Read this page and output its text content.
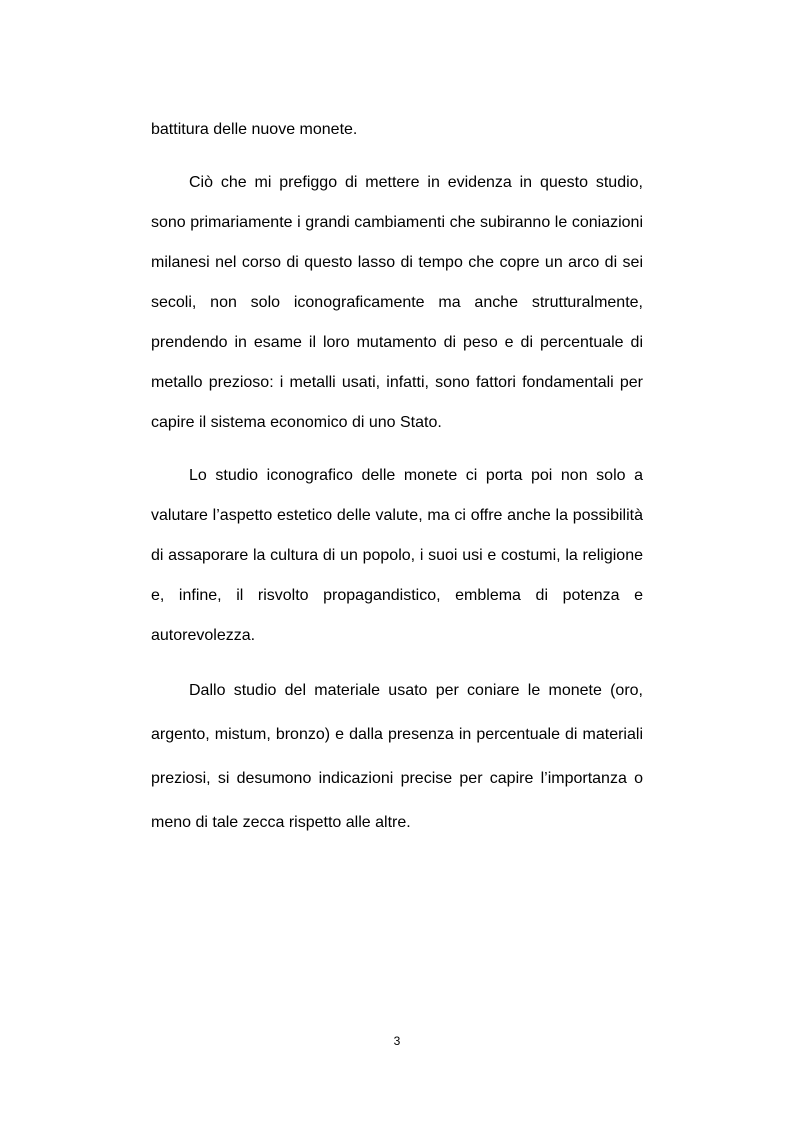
battitura delle nuove monete.

Ciò che mi prefiggo di mettere in evidenza in questo studio, sono primariamente i grandi cambiamenti che subiranno le coniazioni milanesi nel corso di questo lasso di tempo che copre un arco di sei secoli, non solo iconograficamente ma anche strutturalmente, prendendo in esame il loro mutamento di peso e di percentuale di metallo prezioso: i metalli usati, infatti, sono fattori fondamentali per capire il sistema economico di uno Stato.

Lo studio iconografico delle monete ci porta poi non solo a valutare l’aspetto estetico delle valute, ma ci offre anche la possibilità di assaporare la cultura di un popolo, i suoi usi e costumi, la religione e, infine, il risvolto propagandistico, emblema di potenza e autorevolezza.

Dallo studio del materiale usato per coniare le monete (oro, argento, mistum, bronzo) e dalla presenza in percentuale di materiali preziosi, si desumono indicazioni precise per capire l’importanza o meno di tale zecca rispetto alle altre.

3
